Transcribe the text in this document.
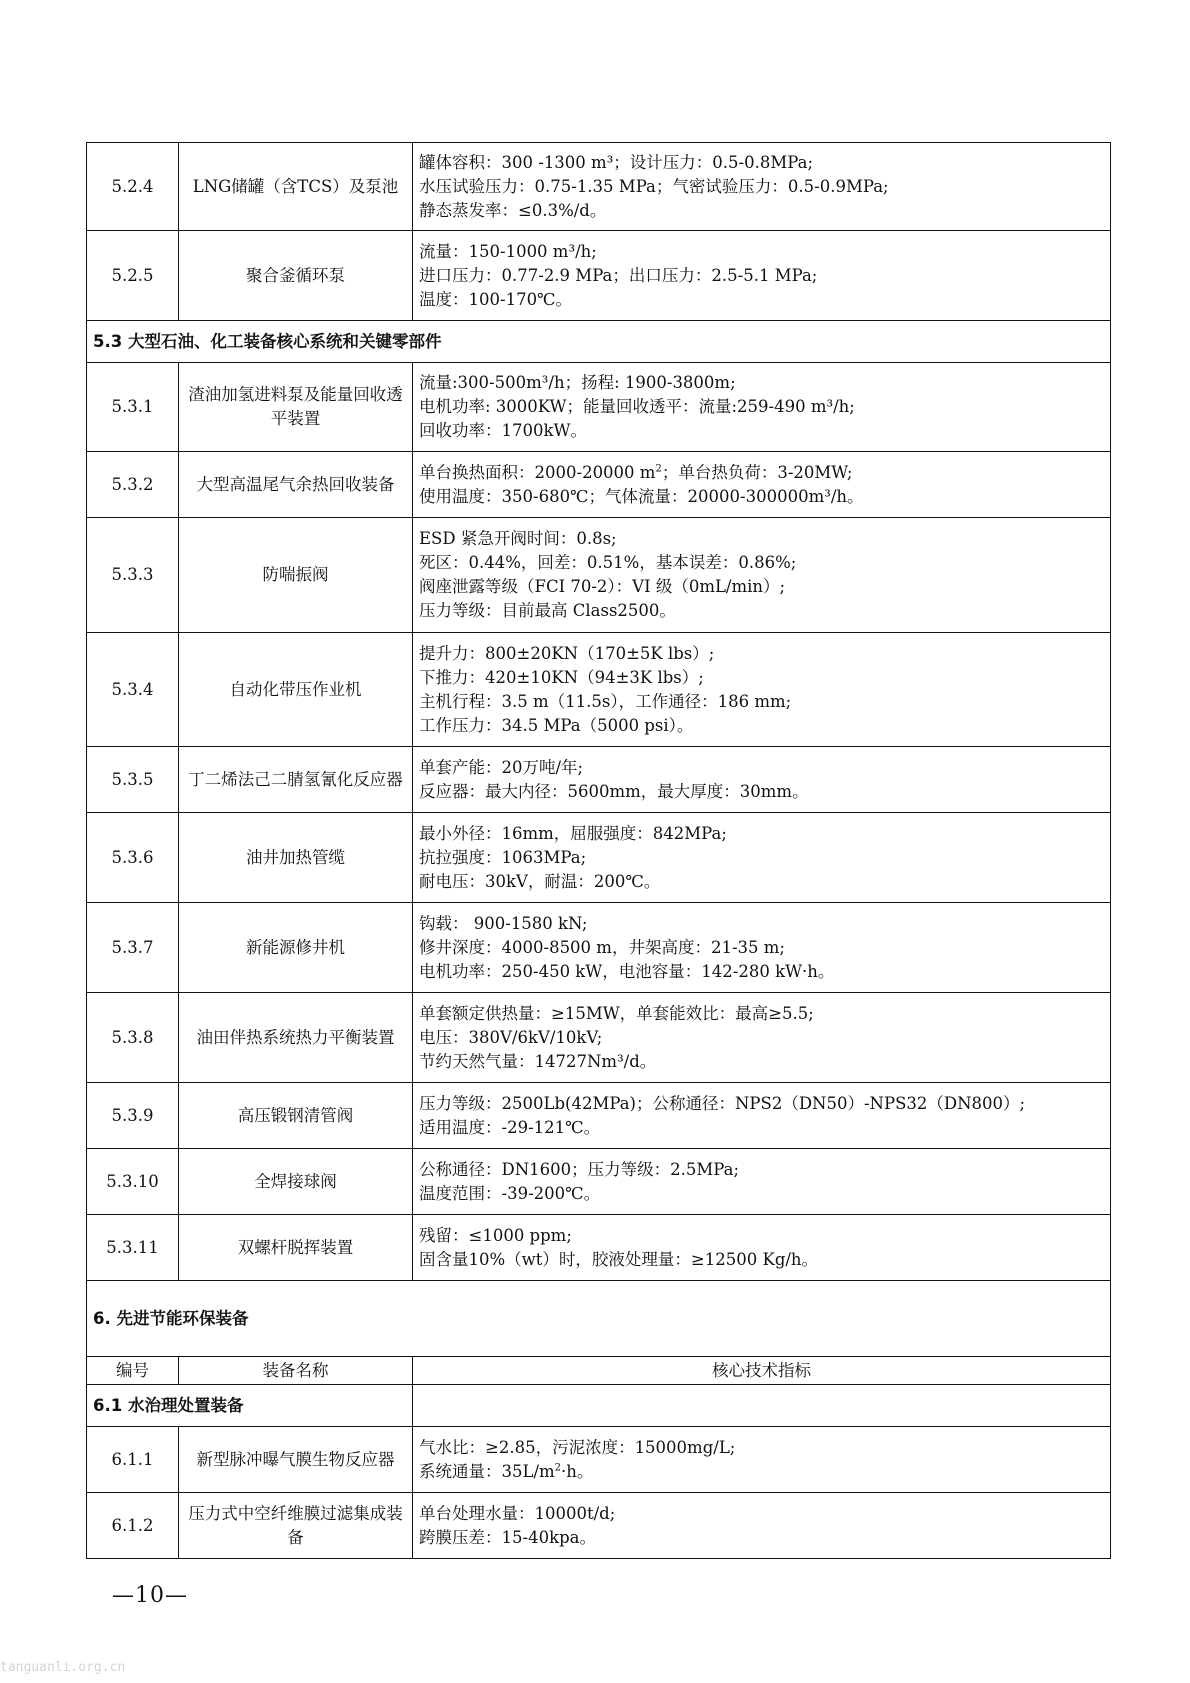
5.2.4	LNG储罐（含TCS）及泵池	罐体容积：300 -1300 m³；设计压力：0.5-0.8MPa;
水压试验压力：0.75-1.35 MPa；气密试验压力：0.5-0.9MPa;
静态蒸发率：≤0.3%/d。

5.2.5	聚合釜循环泵	流量：150-1000 m³/h;
进口压力：0.77-2.9 MPa；出口压力：2.5-5.1 MPa;
温度：100-170℃。

5.3 大型石油、化工装备核心系统和关键零部件		
5.3.1	渣油加氢进料泵及能量回收透平装置	流量:300-500m³/h；扬程: 1900-3800m;
电机功率: 3000KW；能量回收透平：流量:259-490 m³/h;
回收功率：1700kW。

5.3.2	大型高温尾气余热回收装备	单台换热面积：2000-20000 $m^2$；单台热负荷：3-20MW;
使用温度：350-680℃；气体流量：20000-300000m³/h。

5.3.3	防喘振阀	ESD 紧急开阀时间：0.8s;
死区：0.44%，回差：0.51%，基本误差：0.86%;
阀座泄露等级（FCI 70-2）：VI 级（0mL/min）;
压力等级：目前最高 Class2500。

5.3.4	自动化带压作业机	提升力：800±20KN（170±5K lbs）;
下推力：420±10KN（94±3K lbs）;
主机行程：3.5 m（11.5s），工作通径：186 mm;
工作压力：34.5 MPa（5000 psi）。

5.3.5	丁二烯法己二腈氢氰化反应器	单套产能：20万吨/年;
反应器：最大内径：5600mm，最大厚度：30mm。

5.3.6	油井加热管缆	最小外径：16mm，屈服强度：842MPa;
抗拉强度：1063MPa;
耐电压：30kV，耐温：200℃。

5.3.7	新能源修井机	钩载： 900-1580 kN;
修井深度：4000-8500 m，井架高度：21-35 m;
电机功率：250-450 kW，电池容量：142-280 kW·h。

5.3.8	油田伴热系统热力平衡装置	单套额定供热量：≥15MW，单套能效比：最高≥5.5;
电压：380V/6kV/10kV;
节约天然气量：14727Nm³/d。

5.3.9	高压锻钢清管阀	压力等级：2500Lb(42MPa)；公称通径：NPS2（DN50）-NPS32（DN800）;
适用温度：-29-121℃。

5.3.10	全焊接球阀	公称通径：DN1600；压力等级：2.5MPa;
温度范围：-39-200℃。

5.3.11	双螺杆脱挥装置	残留：≤1000 ppm;
固含量10%（wt）时，胶液处理量：≥12500 Kg/h。

6. 先进节能环保装备		
编号	装备名称	核心技术指标
6.1 水治理处置装备		
6.1.1	新型脉冲曝气膜生物反应器	气水比：≥2.85，污泥浓度：15000mg/L;
系统通量：$35L/m^2\cdot h$。

6.1.2	压力式中空纤维膜过滤集成装备	单台处理水量：10000t/d;
跨膜压差：15-40kpa。
—10—
tanguanli.org.cn
